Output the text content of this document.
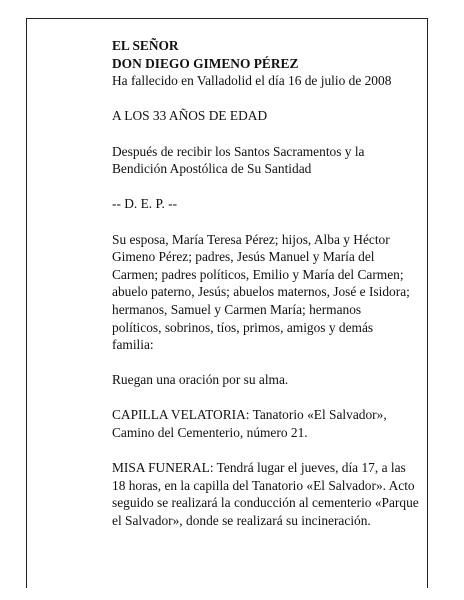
EL SEÑOR
DON DIEGO GIMENO PÉREZ
Ha fallecido en Valladolid el día 16 de julio de 2008
A LOS 33 AÑOS DE EDAD
Después de recibir los Santos Sacramentos y la
Bendición Apostólica de Su Santidad
-- D. E. P. --
Su esposa, María Teresa Pérez; hijos, Alba y Héctor
Gimeno Pérez; padres, Jesús Manuel y María del
Carmen; padres políticos, Emilio y María del Carmen;
abuelo paterno, Jesús; abuelos maternos, José e Isidora;
hermanos, Samuel y Carmen María; hermanos
políticos, sobrinos, tíos, primos, amigos y demás
familia:
Ruegan una oración por su alma.
CAPILLA VELATORIA: Tanatorio «El Salvador»,
Camino del Cementerio, número 21.
MISA FUNERAL: Tendrá lugar el jueves, día 17, a las
18 horas, en la capilla del Tanatorio «El Salvador». Acto
seguido se realizará la conducción al cementerio «Parque
el Salvador», donde se realizará su incineración.
